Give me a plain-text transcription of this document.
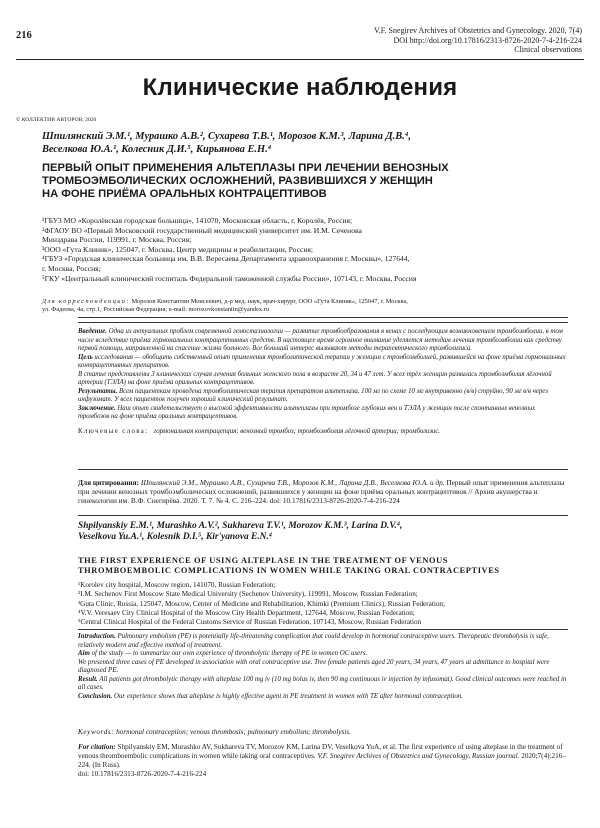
216	V.F. Snegirev Archives of Obstetrics and Gynecology. 2020, 7(4)
DOI http://doi.org/10.17816/2313-8726-2020-7-4-216-224
Clinical observations
Клинические наблюдения
© КОЛЛЕКТИВ АВТОРОВ, 2020
Шпилянский Э.М.¹, Мурашко А.В.², Сухарева Т.В.¹, Морозов К.М.³, Ларина Д.В.⁴,
Веселкова Ю.А.¹, Колесник Д.И.⁵, Кирьянова Е.Н.⁴
ПЕРВЫЙ ОПЫТ ПРИМЕНЕНИЯ АЛЬТЕПЛАЗЫ ПРИ ЛЕЧЕНИИ ВЕНОЗНЫХ
ТРОМБОЭМБОЛИЧЕСКИХ ОСЛОЖНЕНИЙ, РАЗВИВШИХСЯ У ЖЕНЩИН
НА ФОНЕ ПРИЁМА ОРАЛЬНЫХ КОНТРАЦЕПТИВОВ
¹ГБУЗ МО «Королёвская городская больница», 141070, Московская область, г. Королёв, Россия;
²ФГАОУ ВО «Первый Московский государственный медицинский университет им. И.М. Сеченова
Минздрава России, 119991, г. Москва, Россия;
³ООО «Гута Клиник», 125047, г. Москва, Центр медицины и реабилитации, Россия;
⁴ГБУЗ «Городская клиническая больница им. В.В. Вересаева Департамента здравоохранения г. Москвы», 127644,
г. Москва, Россия;
⁵ГКУ «Центральный клинический госпиталь Федеральной таможенной службы России», 107143, г. Москва, Россия
Для корреспонденции: Морозов Константин Моисеевич, д-р мед. наук, врач-хирург, ООО «Гута Клиник», 125047, г. Москва,
ул. Фадеева, 4а, стр.1, Российская Федерация; e-mail: morozovkonstantin@yandex.ru

Введение. Одна из актуальных проблем современной гемостазиологии — развитие тромбообразования в венах с последующим возникновением тромбоэмболии, в том числе вследствие приёма гормональных контрацептивных средств. В настоящее время огромное внимание уделяется методам лечения тромбоэмболии как средству первой помощи, направленной на спасение жизни больного. Все больший интерес вызывают методы терапевтического тромболизиса.

Цель исследования — обобщить собственный опыт применения тромболитической терапии у женщин с тромбоэмболией, развившейся на фоне приёма гормональных контрацептивных препаратов.

В статье представлены 3 клинических случая лечения больных женского пола в возрасте 20, 34 и 47 лет. У всех трёх женщин развилась тромбоэмболия лёгочной артерии (ТЭЛА) на фоне приёма оральных контрацептивов.

Результаты. Всем пациенткам проведена тромболитическая терапия препаратом альтеплаза, 100 мг по схеме 10 мг внутривенно (в/в) струйно, 90 мг в/в через инфузомат. У всех пациенток получен хороший клинический результат.

Заключение. Наш опыт свидетельствует о высокой эффективности альтеплазы при тромбозе глубоких вен и ТЭЛА у женщин после спонтанных венозных тромбозов на фоне приёма оральных контрацептивов.

Ключевые слова: гормональная контрацепция; венозный тромбоз; тромбоэмболия лёгочной артерии; тромболизис.
Для цитирования: Шпилянский Э.М., Мурашко А.В., Сухарева Т.В., Морозов К.М., Ларина Д.В., Веселкова Ю.А. и др. Первый опыт применения альтеплазы при лечении венозных тромбоэмболических осложнений, развившихся у женщин на фоне приёма оральных контрацептивов // Архив акушерства и гинекологии им. В.Ф. Снегирёва. 2020. Т. 7. № 4. С. 216–224. doi: 10.17816/2313-8726-2020-7-4-216-224
Shpilyanskiy E.M.¹, Murashko A.V.², Sukhareva T.V.¹, Morozov K.M.³, Larina D.V.⁴,
Veselkova Yu.A.¹, Kolesnik D.I.⁵, Kir'yanova E.N.⁴
THE FIRST EXPERIENCE OF USING ALTEPLASE IN THE TREATMENT OF VENOUS
THROMBOEMBOLIC COMPLICATIONS IN WOMEN WHILE TAKING ORAL CONTRACEPTIVES
¹Korolev city hospital, Moscow region, 141070, Russian Federation;
²I.M. Sechenov First Moscow State Medical University (Sechenov University), 119991, Moscow, Russian Federation;
³Guta Clinic, Russia, 125047, Moscow, Center of Medicine and Rehabilitation, Khimki (Premium Clinics), Russian Federation;
⁴V.V. Veresaev City Clinical Hospital of the Moscow City Health Department, 127644, Moscow, Russian Federation;
⁵Central Clinical Hospital of the Federal Customs Service of Russian Federation, 107143, Moscow, Russian Federation

Introduction. Pulmonary embolism (PE) is potentially life-threatening complication that could develop in hormonal contraceptive users. Therapeutic thrombolysis is safe, relatively modern and effective method of treatment.

Aim of the study — to summarize our own experience of thrombolytic therapy of PE in women OC users.

We presented three cases of PE developed in association with oral contraceptive use. Tree female patients aged 20 years, 34 years, 47 years at admittance to hospital were diagnosed PE.

Result. All patients got thrombolytic therapy with alteplase 100 mg iv (10 mg bolus iv, then 90 mg continuous iv injection by infusomat). Good clinical outcomes were reached in all cases.

Conclusion. Our experience shows that alteplase is highly effective agent in PE treatment in women with TE after hormonal contraception.

Keywords: hormonal contraception; venous thrombosis; pulmonary embolism; thrombolysis.
For citation: Shpilyanskiy EM, Murashko AV, Sukhareva TV, Morozov KM, Larina DV, Veselkova YuA, et al. The first experience of using alteplase in the treatment of venous thromboembolic complications in women while taking oral contraceptives. V.F. Snegirev Archives of Obstetrics and Gynecology, Russian journal. 2020;7(4):216–224. (In Russ).
doi: 10.17816/2313-8726-2020-7-4-216-224
